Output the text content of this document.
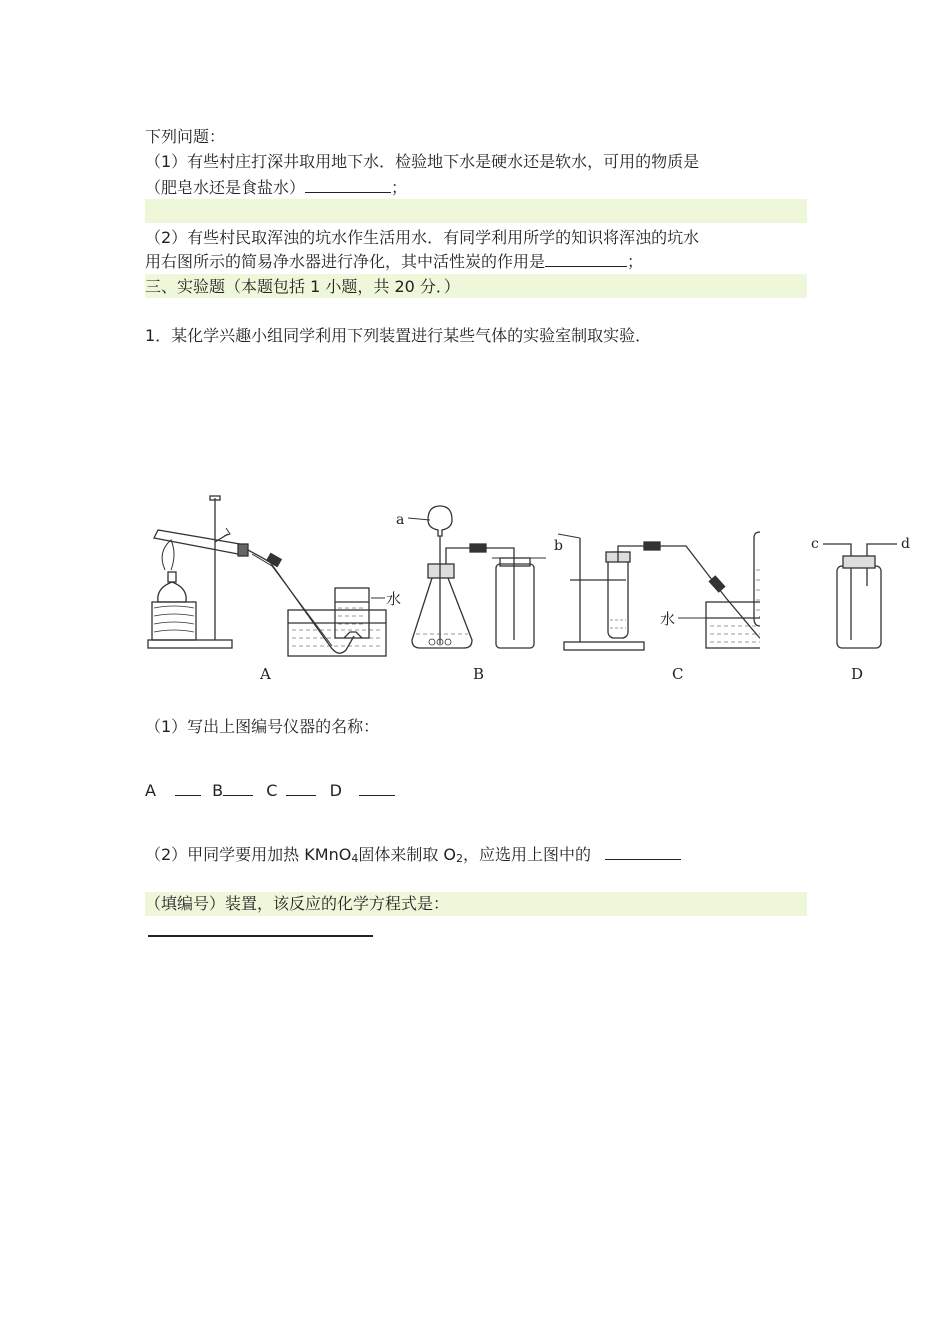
下列问题：
（1）有些村庄打深井取用地下水．检验地下水是硬水还是软水，可用的物质是
（肥皂水还是食盐水）	；
（2）有些村民取浑浊的坑水作生活用水．有同学利用所学的知识将浑浊的坑水
用右图所示的简易净水器进行净化，其中活性炭的作用是	；
三、实验题（本题包括 1 小题，共 20 分．）
1．某化学兴趣小组同学利用下列装置进行某些气体的实验室制取实验．
A	B	C
a
b
水
水
D
c	d
（1）写出上图编号仪器的名称：
A	B	C	D
（2）甲同学要用加热 KMnO4固体来制取 O2，应选用上图中的
（填编号）装置，该反应的化学方程式是：
